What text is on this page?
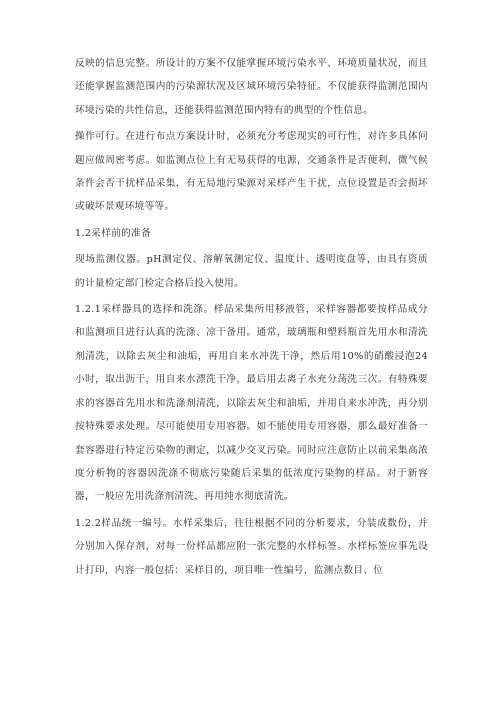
反映的信息完整。所设计的方案不仅能掌握环境污染水平、环境质量状况，而且还能掌握监测范围内的污染源状况及区域环境污染特征。不仅能获得监测范围内环境污染的共性信息，还能获得监测范围内特有的典型的个性信息。

操作可行。在进行布点方案设计时，必须充分考虑现实的可行性，对许多具体问题应做周密考虑。如监测点位上有无易获得的电源，交通条件是否便利，微气候条件会否干扰样品采集，有无局地污染源对采样产生干扰，点位设置是否会损坏或破坏景观环境等等。

1.2采样前的准备

现场监测仪器。pH测定仪、溶解氧测定仪、温度计、透明度盘等，由具有资质的计量检定部门检定合格后投入使用。

1.2.1采样器具的选择和洗涤。样品采集所用移液管，采样容器都要按样品成分和监测项目进行认真的洗涤、凉干备用。通常，玻璃瓶和塑料瓶首先用水和清洗剂清洗，以除去灰尘和油垢，再用自来水冲洗干净，然后用10%的硝酸浸泡24小时，取出沥干，用自来水漂洗干净，最后用去离子水充分荡洗三次。有特殊要求的容器首先用水和洗涤剂清洗，以除去灰尘和油垢，并用自来水冲洗，再分别按特殊要求处理。尽可能使用专用容器。如不能使用专用容器，那么最好准备一套容器进行特定污染物的测定，以减少交叉污染。同时应注意防止以前采集高浓度分析物的容器因洗涤不彻底污染随后采集的低浓度污染物的样品。对于新容器，一般应先用洗涤剂清洗，再用纯水彻底清洗。

1.2.2样品统一编号。水样采集后，往往根据不同的分析要求，分装成数份，并分别加入保存剂，对每一份样品都应附一张完整的水样标签。水样标签应事先设计打印，内容一般包括：采样目的，项目唯一性编号，监测点数目、位
